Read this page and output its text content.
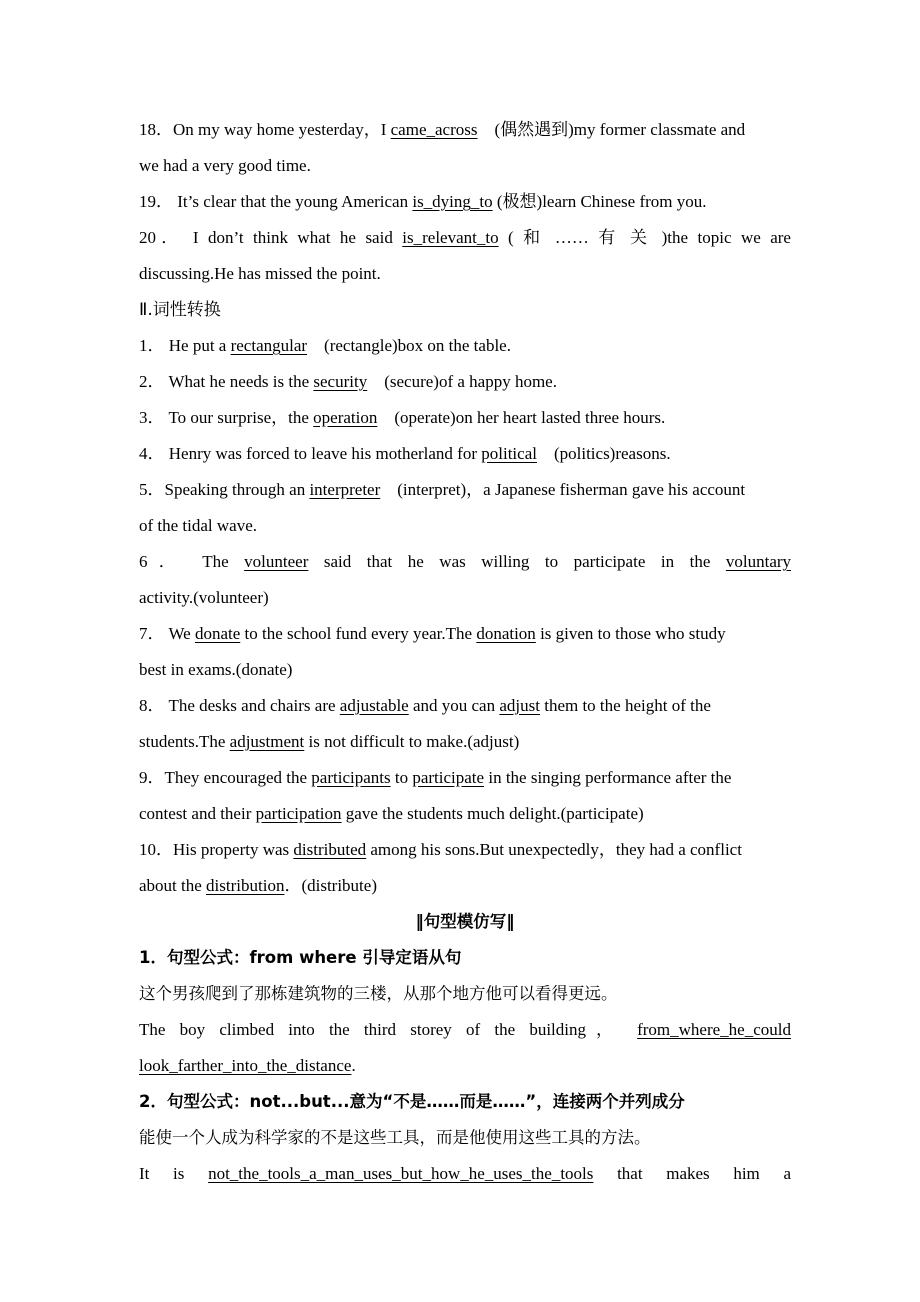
18．On my way home yesterday，I came_across　(偶然遇到)my former classmate and
we had a very good time.
19． It’s clear that the young American is_dying_to (极想)learn Chinese from you.
20． I don’t think what he said is_relevant_to ( 和 …… 有 关 )the topic we are
discussing.He has missed the point.
Ⅱ.词性转换
1． He put a rectangular　(rectangle)box on the table.
2． What he needs is the security　(secure)of a happy home.
3． To our surprise，the operation　(operate)on her heart lasted three hours.
4． Henry was forced to leave his motherland for political　(politics)reasons.
5．Speaking through an interpreter　(interpret)，a Japanese fisherman gave his account
of the tidal wave.
6． The volunteer said that he was willing to participate in the voluntary
activity.(volunteer)
7． We donate to the school fund every year.The donation is given to those who study
best in exams.(donate)
8． The desks and chairs are adjustable and you can adjust them to the height of the
students.The adjustment is not difficult to make.(adjust)
9．They encouraged the participants to participate in the singing performance after the
contest and their participation gave the students much delight.(participate)
10．His property was distributed among his sons.But unexpectedly，they had a conflict
about the distribution．(distribute)
‖句型模仿写‖
1．句型公式：from where 引导定语从句
这个男孩爬到了那栋建筑物的三楼，从那个地方他可以看得更远。
The boy climbed into the third storey of the building， from_where_he_could
look_farther_into_the_distance.
2．句型公式：not...but...意为“不是……而是……”，连接两个并列成分
能使一个人成为科学家的不是这些工具，而是他使用这些工具的方法。
It is not_the_tools_a_man_uses_but_how_he_uses_the_tools that makes him a
